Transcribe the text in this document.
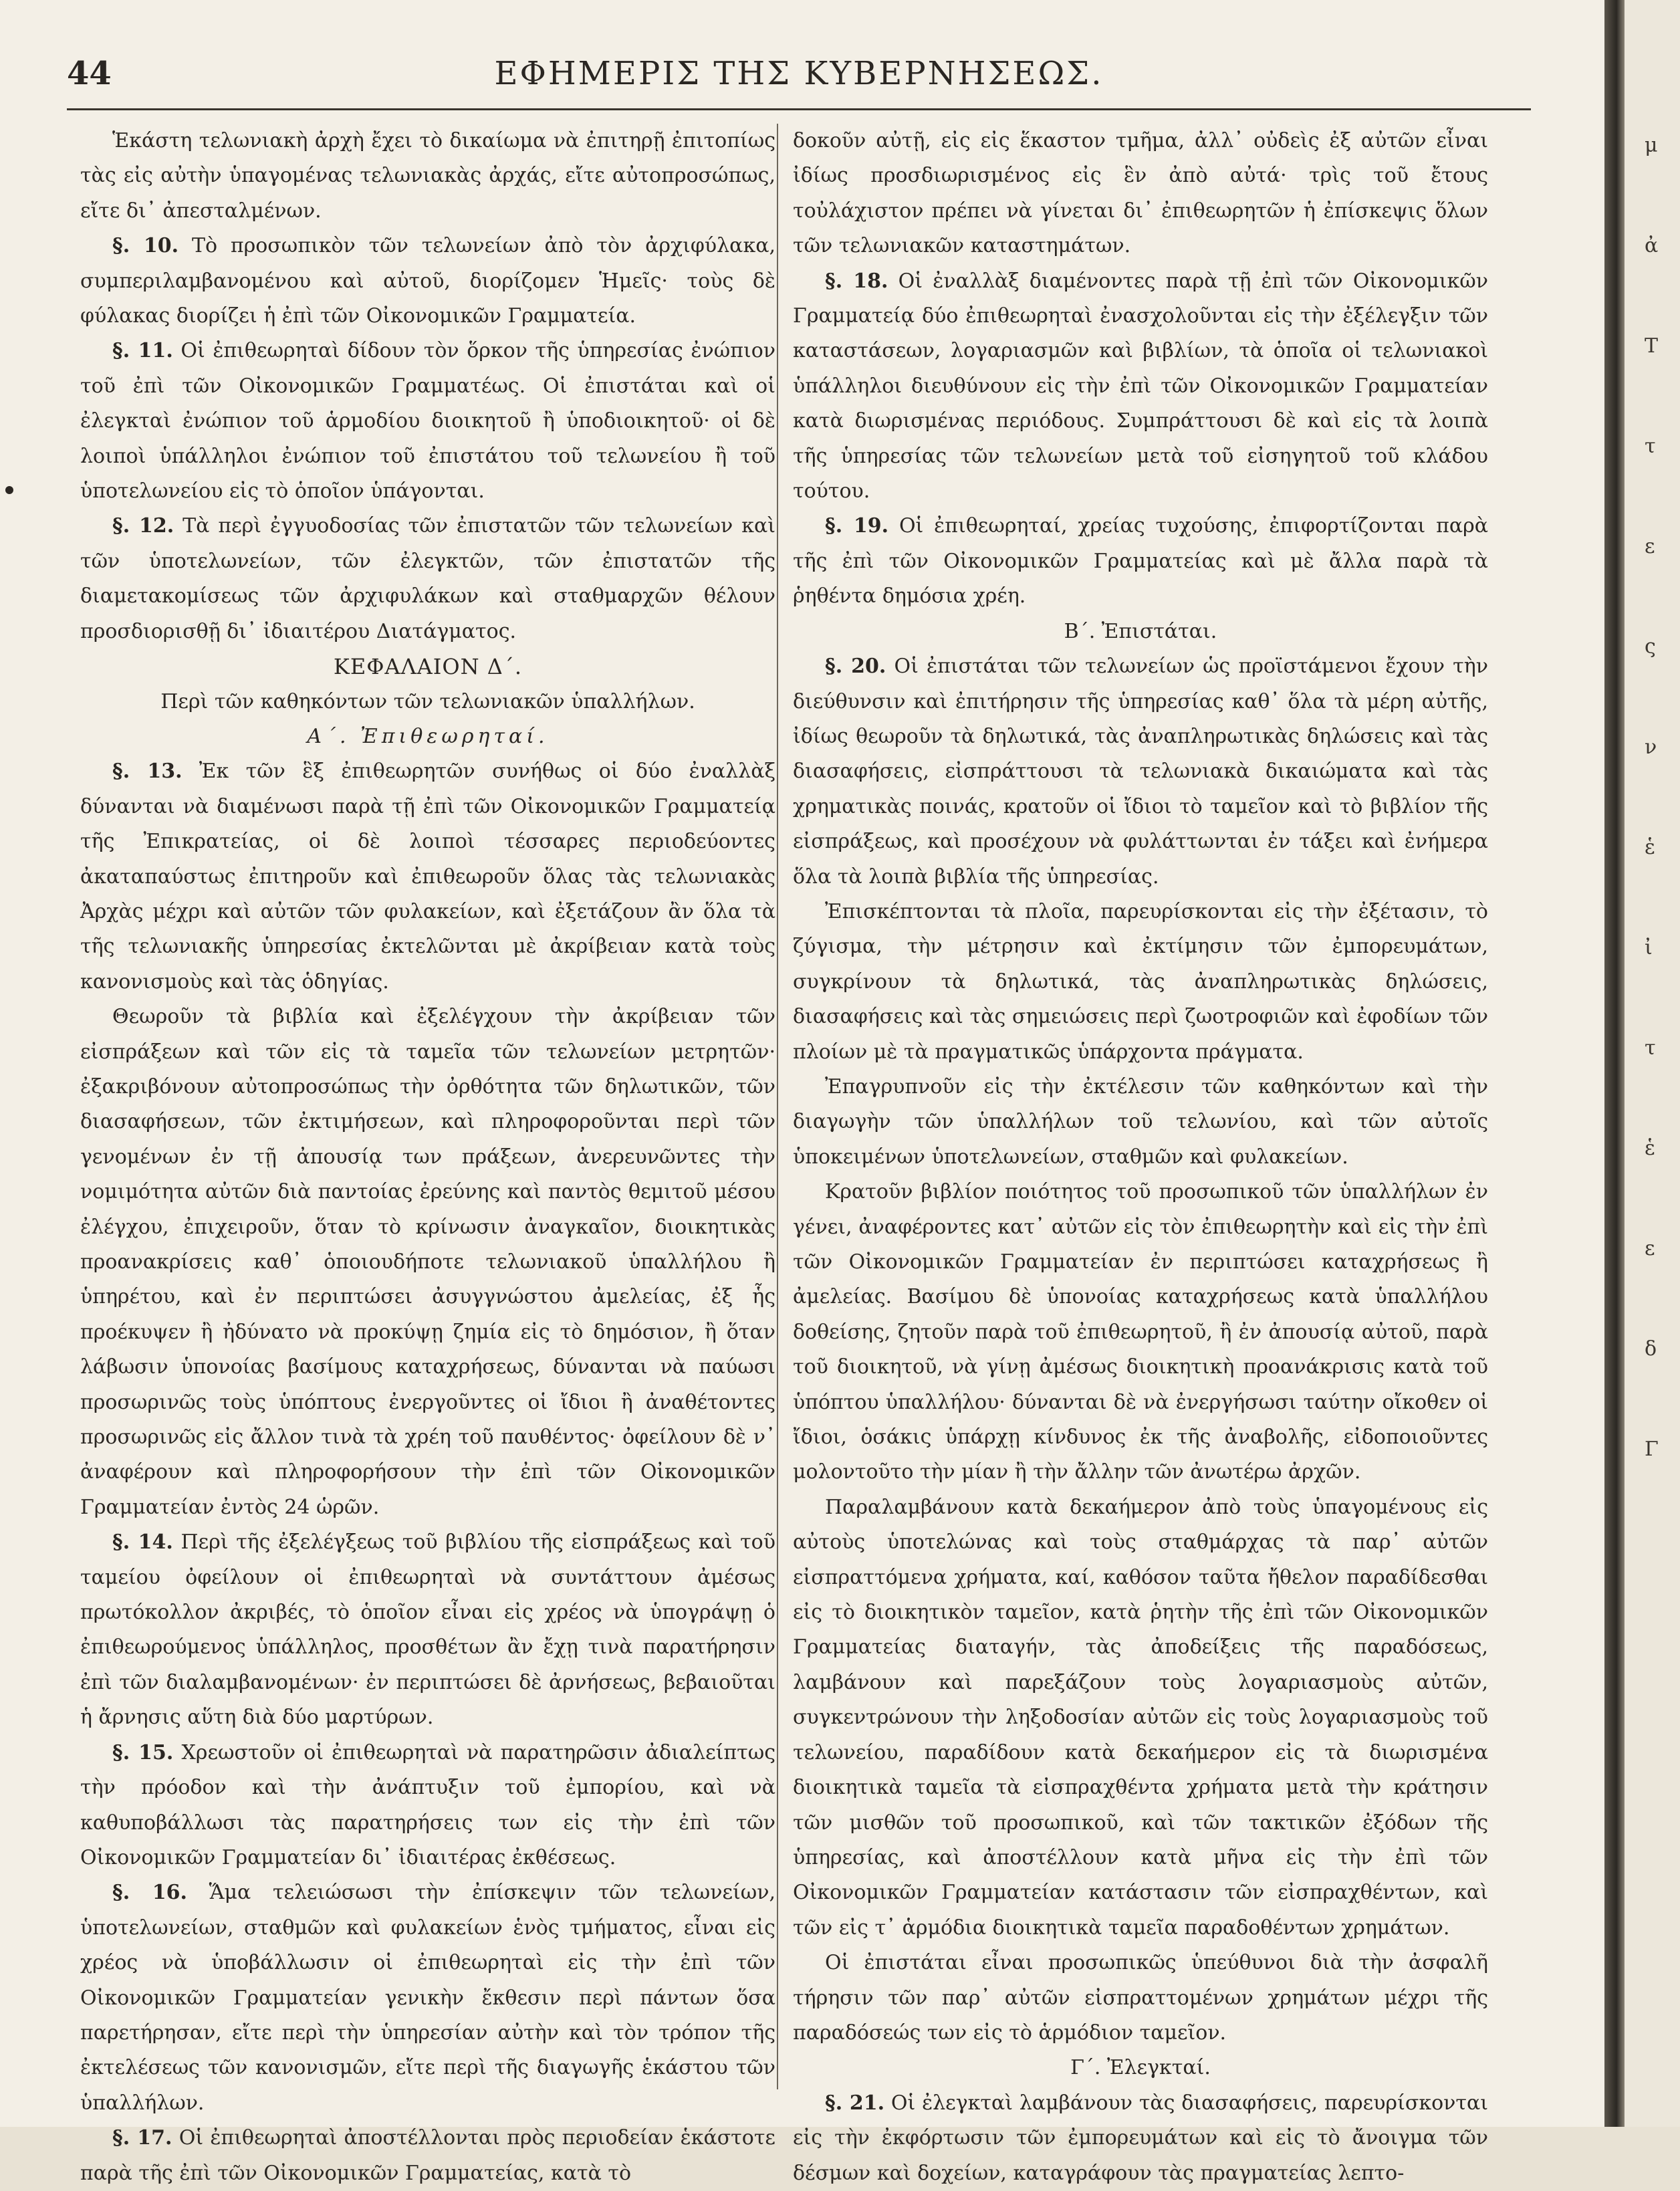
44	ΕΦΗΜΕΡΙΣ ΤΗΣ ΚΥΒΕΡΝΗΣΕΩΣ.

Ἑκάστη τελωνιακὴ ἀρχὴ ἔχει τὸ δικαίωμα νὰ ἐπιτηρῇ ἐπιτοπίως τὰς εἰς αὐτὴν ὑπαγομένας τελωνιακὰς ἀρχάς, εἴτε αὐτοπροσώπως, εἴτε δι᾽ ἀπεσταλμένων.

§. 10. Τὸ προσωπικὸν τῶν τελωνείων ἀπὸ τὸν ἀρχιφύλακα, συμπεριλαμβανομένου καὶ αὐτοῦ, διορίζομεν Ἡμεῖς· τοὺς δὲ φύλακας διορίζει ἡ ἐπὶ τῶν Οἰκονομικῶν Γραμματεία.

§. 11. Οἱ ἐπιθεωρηταὶ δίδουν τὸν ὅρκον τῆς ὑπηρεσίας ἐνώπιον τοῦ ἐπὶ τῶν Οἰκονομικῶν Γραμματέως. Οἱ ἐπιστάται καὶ οἱ ἐλεγκταὶ ἐνώπιον τοῦ ἁρμοδίου διοικητοῦ ἢ ὑποδιοικητοῦ· οἱ δὲ λοιποὶ ὑπάλληλοι ἐνώπιον τοῦ ἐπιστάτου τοῦ τελωνείου ἢ τοῦ ὑποτελωνείου εἰς τὸ ὁποῖον ὑπάγονται.

§. 12. Τὰ περὶ ἐγγυοδοσίας τῶν ἐπιστατῶν τῶν τελωνείων καὶ τῶν ὑποτελωνείων, τῶν ἐλεγκτῶν, τῶν ἐπιστατῶν τῆς διαμετακομίσεως τῶν ἀρχιφυλάκων καὶ σταθμαρχῶν θέλουν προσδιορισθῇ δι᾽ ἰδιαιτέρου Διατάγματος.

ΚΕΦΑΛΑΙΟΝ Δ΄.

Περὶ τῶν καθηκόντων τῶν τελωνιακῶν ὑπαλλήλων.

Α΄. Ἐπιθεωρηταί.

§. 13. Ἐκ τῶν ἓξ ἐπιθεωρητῶν συνήθως οἱ δύο ἐναλλὰξ δύνανται νὰ διαμένωσι παρὰ τῇ ἐπὶ τῶν Οἰκονομικῶν Γραμματείᾳ τῆς Ἐπικρατείας, οἱ δὲ λοιποὶ τέσσαρες περιοδεύοντες ἀκαταπαύστως ἐπιτηροῦν καὶ ἐπιθεωροῦν ὅλας τὰς τελωνιακὰς Ἀρχὰς μέχρι καὶ αὐτῶν τῶν φυλακείων, καὶ ἐξετάζουν ἂν ὅλα τὰ τῆς τελωνιακῆς ὑπηρεσίας ἐκτελῶνται μὲ ἀκρίβειαν κατὰ τοὺς κανονισμοὺς καὶ τὰς ὁδηγίας.

Θεωροῦν τὰ βιβλία καὶ ἐξελέγχουν τὴν ἀκρίβειαν τῶν εἰσπράξεων καὶ τῶν εἰς τὰ ταμεῖα τῶν τελωνείων μετρητῶν· ἐξακριβόνουν αὐτοπροσώπως τὴν ὀρθότητα τῶν δηλωτικῶν, τῶν διασαφήσεων, τῶν ἐκτιμήσεων, καὶ πληροφοροῦνται περὶ τῶν γενομένων ἐν τῇ ἀπουσίᾳ των πράξεων, ἀνερευνῶντες τὴν νομιμότητα αὐτῶν διὰ παντοίας ἐρεύνης καὶ παντὸς θεμιτοῦ μέσου ἐλέγχου, ἐπιχειροῦν, ὅταν τὸ κρίνωσιν ἀναγκαῖον, διοικητικὰς προανακρίσεις καθ᾽ ὁποιουδήποτε τελωνιακοῦ ὑπαλλήλου ἢ ὑπηρέτου, καὶ ἐν περιπτώσει ἀσυγγνώστου ἀμελείας, ἐξ ἧς προέκυψεν ἢ ἠδύνατο νὰ προκύψῃ ζημία εἰς τὸ δημόσιον, ἢ ὅταν λάβωσιν ὑπονοίας βασίμους καταχρήσεως, δύνανται νὰ παύωσι προσωρινῶς τοὺς ὑπόπτους ἐνεργοῦντες οἱ ἴδιοι ἢ ἀναθέτοντες προσωρινῶς εἰς ἄλλον τινὰ τὰ χρέη τοῦ παυθέντος· ὀφείλουν δὲ ν᾽ ἀναφέρουν καὶ πληροφορήσουν τὴν ἐπὶ τῶν Οἰκονομικῶν Γραμματείαν ἐντὸς 24 ὡρῶν.

§. 14. Περὶ τῆς ἐξελέγξεως τοῦ βιβλίου τῆς εἰσπράξεως καὶ τοῦ ταμείου ὀφείλουν οἱ ἐπιθεωρηταὶ νὰ συντάττουν ἀμέσως πρωτόκολλον ἀκριβές, τὸ ὁποῖον εἶναι εἰς χρέος νὰ ὑπογράψῃ ὁ ἐπιθεωρούμενος ὑπάλληλος, προσθέτων ἂν ἔχῃ τινὰ παρατήρησιν ἐπὶ τῶν διαλαμβανομένων· ἐν περιπτώσει δὲ ἀρνήσεως, βεβαιοῦται ἡ ἄρνησις αὕτη διὰ δύο μαρτύρων.

§. 15. Χρεωστοῦν οἱ ἐπιθεωρηταὶ νὰ παρατηρῶσιν ἀδιαλείπτως τὴν πρόοδον καὶ τὴν ἀνάπτυξιν τοῦ ἐμπορίου, καὶ νὰ καθυποβάλλωσι τὰς παρατηρήσεις των εἰς τὴν ἐπὶ τῶν Οἰκονομικῶν Γραμματείαν δι᾽ ἰδιαιτέρας ἐκθέσεως.

§. 16. Ἅμα τελειώσωσι τὴν ἐπίσκεψιν τῶν τελωνείων, ὑποτελωνείων, σταθμῶν καὶ φυλακείων ἑνὸς τμήματος, εἶναι εἰς χρέος νὰ ὑποβάλλωσιν οἱ ἐπιθεωρηταὶ εἰς τὴν ἐπὶ τῶν Οἰκονομικῶν Γραμματείαν γενικὴν ἔκθεσιν περὶ πάντων ὅσα παρετήρησαν, εἴτε περὶ τὴν ὑπηρεσίαν αὐτὴν καὶ τὸν τρόπον τῆς ἐκτελέσεως τῶν κανονισμῶν, εἴτε περὶ τῆς διαγωγῆς ἑκάστου τῶν ὑπαλλήλων.

§. 17. Οἱ ἐπιθεωρηταὶ ἀποστέλλονται πρὸς περιοδείαν ἑκάστοτε παρὰ τῆς ἐπὶ τῶν Οἰκονομικῶν Γραμματείας, κατὰ τὸ

δοκοῦν αὐτῇ, εἰς εἰς ἕκαστον τμῆμα, ἀλλ᾽ οὐδεὶς ἐξ αὐτῶν εἶναι ἰδίως προσδιωρισμένος εἰς ἓν ἀπὸ αὐτά· τρὶς τοῦ ἔτους τοὐλάχιστον πρέπει νὰ γίνεται δι᾽ ἐπιθεωρητῶν ἡ ἐπίσκεψις ὅλων τῶν τελωνιακῶν καταστημάτων.

§. 18. Οἱ ἐναλλὰξ διαμένοντες παρὰ τῇ ἐπὶ τῶν Οἰκονομικῶν Γραμματείᾳ δύο ἐπιθεωρηταὶ ἐνασχολοῦνται εἰς τὴν ἐξέλεγξιν τῶν καταστάσεων, λογαριασμῶν καὶ βιβλίων, τὰ ὁποῖα οἱ τελωνιακοὶ ὑπάλληλοι διευθύνουν εἰς τὴν ἐπὶ τῶν Οἰκονομικῶν Γραμματείαν κατὰ διωρισμένας περιόδους. Συμπράττουσι δὲ καὶ εἰς τὰ λοιπὰ τῆς ὑπηρεσίας τῶν τελωνείων μετὰ τοῦ εἰσηγητοῦ τοῦ κλάδου τούτου.

§. 19. Οἱ ἐπιθεωρηταί, χρείας τυχούσης, ἐπιφορτίζονται παρὰ τῆς ἐπὶ τῶν Οἰκονομικῶν Γραμματείας καὶ μὲ ἄλλα παρὰ τὰ ῥηθέντα δημόσια χρέη.

Β΄. Ἐπιστάται.

§. 20. Οἱ ἐπιστάται τῶν τελωνείων ὡς προϊστάμενοι ἔχουν τὴν διεύθυνσιν καὶ ἐπιτήρησιν τῆς ὑπηρεσίας καθ᾽ ὅλα τὰ μέρη αὐτῆς, ἰδίως θεωροῦν τὰ δηλωτικά, τὰς ἀναπληρωτικὰς δηλώσεις καὶ τὰς διασαφήσεις, εἰσπράττουσι τὰ τελωνιακὰ δικαιώματα καὶ τὰς χρηματικὰς ποινάς, κρατοῦν οἱ ἴδιοι τὸ ταμεῖον καὶ τὸ βιβλίον τῆς εἰσπράξεως, καὶ προσέχουν νὰ φυλάττωνται ἐν τάξει καὶ ἐνήμερα ὅλα τὰ λοιπὰ βιβλία τῆς ὑπηρεσίας.

Ἐπισκέπτονται τὰ πλοῖα, παρευρίσκονται εἰς τὴν ἐξέτασιν, τὸ ζύγισμα, τὴν μέτρησιν καὶ ἐκτίμησιν τῶν ἐμπορευμάτων, συγκρίνουν τὰ δηλωτικά, τὰς ἀναπληρωτικὰς δηλώσεις, διασαφήσεις καὶ τὰς σημειώσεις περὶ ζωοτροφιῶν καὶ ἐφοδίων τῶν πλοίων μὲ τὰ πραγματικῶς ὑπάρχοντα πράγματα.

Ἐπαγρυπνοῦν εἰς τὴν ἐκτέλεσιν τῶν καθηκόντων καὶ τὴν διαγωγὴν τῶν ὑπαλλήλων τοῦ τελωνίου, καὶ τῶν αὐτοῖς ὑποκειμένων ὑποτελωνείων, σταθμῶν καὶ φυλακείων.

Κρατοῦν βιβλίον ποιότητος τοῦ προσωπικοῦ τῶν ὑπαλλήλων ἐν γένει, ἀναφέροντες κατ᾽ αὐτῶν εἰς τὸν ἐπιθεωρητὴν καὶ εἰς τὴν ἐπὶ τῶν Οἰκονομικῶν Γραμματείαν ἐν περιπτώσει καταχρήσεως ἢ ἀμελείας. Βασίμου δὲ ὑπονοίας καταχρήσεως κατὰ ὑπαλλήλου δοθείσης, ζητοῦν παρὰ τοῦ ἐπιθεωρητοῦ, ἢ ἐν ἀπουσίᾳ αὐτοῦ, παρὰ τοῦ διοικητοῦ, νὰ γίνῃ ἀμέσως διοικητικὴ προανάκρισις κατὰ τοῦ ὑπόπτου ὑπαλλήλου· δύνανται δὲ νὰ ἐνεργήσωσι ταύτην οἴκοθεν οἱ ἴδιοι, ὁσάκις ὑπάρχῃ κίνδυνος ἐκ τῆς ἀναβολῆς, εἰδοποιοῦντες μολοντοῦτο τὴν μίαν ἢ τὴν ἄλλην τῶν ἀνωτέρω ἀρχῶν.

Παραλαμβάνουν κατὰ δεκαήμερον ἀπὸ τοὺς ὑπαγομένους εἰς αὐτοὺς ὑποτελώνας καὶ τοὺς σταθμάρχας τὰ παρ᾽ αὐτῶν εἰσπραττόμενα χρήματα, καί, καθόσον ταῦτα ἤθελον παραδίδεσθαι εἰς τὸ διοικητικὸν ταμεῖον, κατὰ ῥητὴν τῆς ἐπὶ τῶν Οἰκονομικῶν Γραμματείας διαταγήν, τὰς ἀποδείξεις τῆς παραδόσεως, λαμβάνουν καὶ παρεξάζουν τοὺς λογαριασμοὺς αὐτῶν, συγκεντρώνουν τὴν ληξοδοσίαν αὐτῶν εἰς τοὺς λογαριασμοὺς τοῦ τελωνείου, παραδίδουν κατὰ δεκαήμερον εἰς τὰ διωρισμένα διοικητικὰ ταμεῖα τὰ εἰσπραχθέντα χρήματα μετὰ τὴν κράτησιν τῶν μισθῶν τοῦ προσωπικοῦ, καὶ τῶν τακτικῶν ἐξόδων τῆς ὑπηρεσίας, καὶ ἀποστέλλουν κατὰ μῆνα εἰς τὴν ἐπὶ τῶν Οἰκονομικῶν Γραμματείαν κατάστασιν τῶν εἰσπραχθέντων, καὶ τῶν εἰς τ᾽ ἁρμόδια διοικητικὰ ταμεῖα παραδοθέντων χρημάτων.

Οἱ ἐπιστάται εἶναι προσωπικῶς ὑπεύθυνοι διὰ τὴν ἀσφαλῆ τήρησιν τῶν παρ᾽ αὐτῶν εἰσπραττομένων χρημάτων μέχρι τῆς παραδόσεώς των εἰς τὸ ἁρμόδιον ταμεῖον.

Γ΄. Ἐλεγκταί.

§. 21. Οἱ ἐλεγκταὶ λαμβάνουν τὰς διασαφήσεις, παρευρίσκονται εἰς τὴν ἐκφόρτωσιν τῶν ἐμπορευμάτων καὶ εἰς τὸ ἄνοιγμα τῶν δέσμων καὶ δοχείων, καταγράφουν τὰς πραγματείας λεπτο-

μ
ἀ
Τ
τ
ε
ς
ν
ἑ
ἰ
τ
ἑ
ε
δ
Γ
